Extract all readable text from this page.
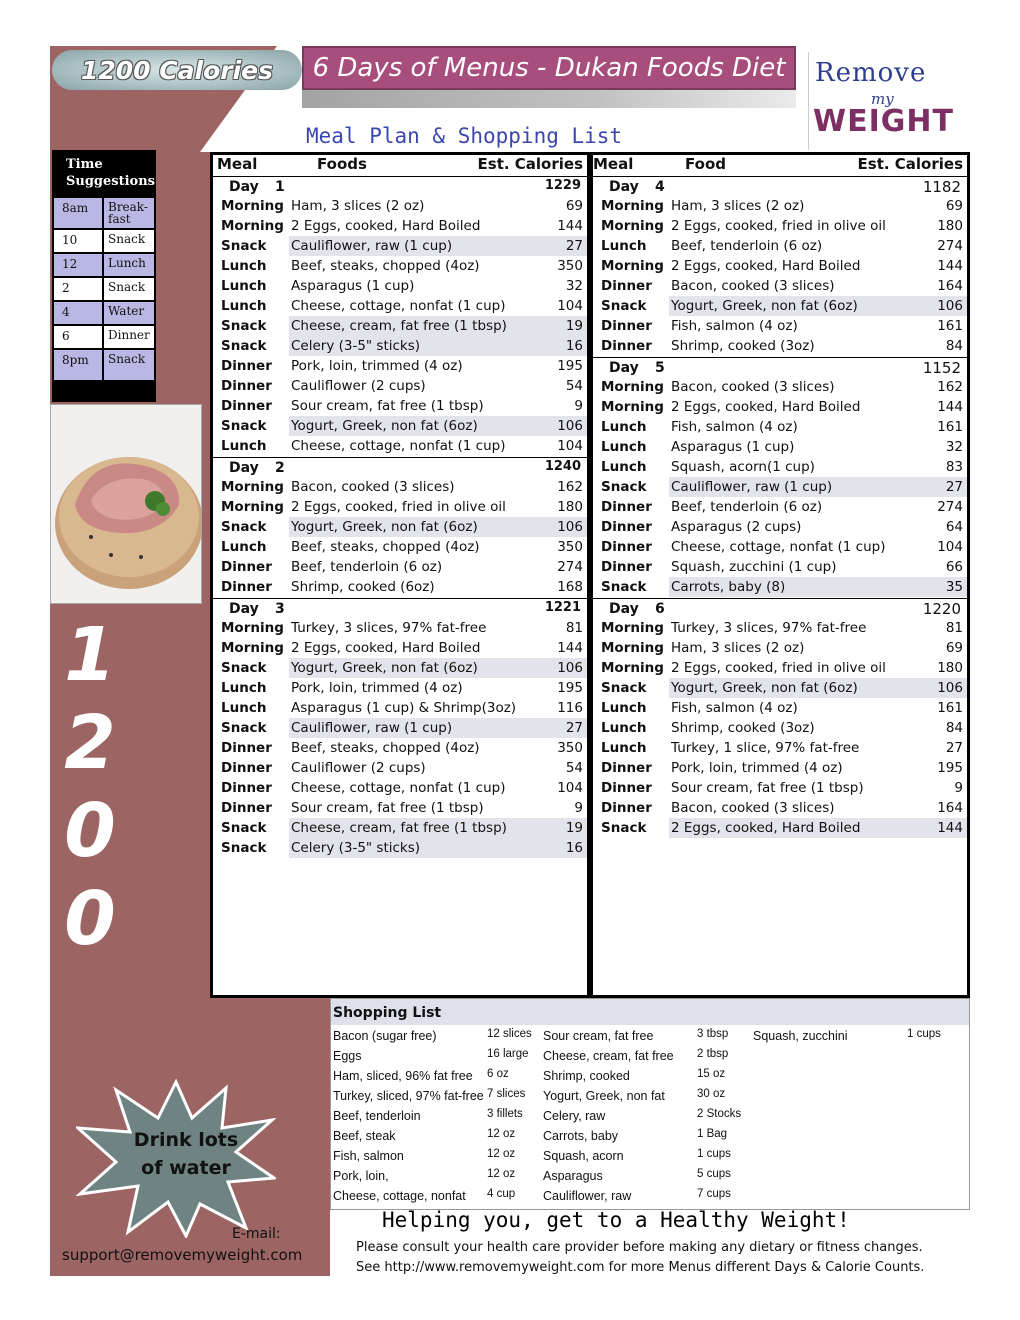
1200 Calories 6 Days of Menus - Dukan Foods Diet Remove
my
WEIGHT
Meal Plan & Shopping List
Time
Suggestions
8am	Break-fast
10	Snack
12	Lunch
2	Snack
4	Water
6	Dinner
8pm	Snack
1
2
0
0
Meal	Foods	Est. Calories
Day 1	1229
Morning Ham, 3 slices (2 oz)	69
Morning 2 Eggs, cooked, Hard Boiled	144
Snack Cauliflower, raw (1 cup)	27
Lunch Beef, steaks, chopped (4oz)	350
Lunch Asparagus (1 cup)	32
Lunch Cheese, cottage, nonfat (1 cup)	104
Snack Cheese, cream, fat free (1 tbsp)	19
Snack Celery (3-5" sticks)	16
Dinner Pork, loin, trimmed (4 oz)	195
Dinner Cauliflower (2 cups)	54
Dinner Sour cream, fat free (1 tbsp)	9
Snack Yogurt, Greek, non fat (6oz)	106
Lunch Cheese, cottage, nonfat (1 cup)	104
Day 2	1240
Morning Bacon, cooked (3 slices)	162
Morning 2 Eggs, cooked, fried in olive oil	180
Snack Yogurt, Greek, non fat (6oz)	106
Lunch Beef, steaks, chopped (4oz)	350
Dinner Beef, tenderloin (6 oz)	274
Dinner Shrimp, cooked (6oz)	168
Day 3	1221
Morning Turkey, 3 slices, 97% fat-free	81
Morning 2 Eggs, cooked, Hard Boiled	144
Snack Yogurt, Greek, non fat (6oz)	106
Lunch Pork, loin, trimmed (4 oz)	195
Lunch Asparagus (1 cup) & Shrimp(3oz)	116
Snack Cauliflower, raw (1 cup)	27
Dinner Beef, steaks, chopped (4oz)	350
Dinner Cauliflower (2 cups)	54
Dinner Cheese, cottage, nonfat (1 cup)	104
Dinner Sour cream, fat free (1 tbsp)	9
Snack Cheese, cream, fat free (1 tbsp)	19
Snack Celery (3-5" sticks)	16
Meal	Food	Est. Calories
Day 4	1182
Morning Ham, 3 slices (2 oz)	69
Morning 2 Eggs, cooked, fried in olive oil	180
Lunch Beef, tenderloin (6 oz)	274
Morning 2 Eggs, cooked, Hard Boiled	144
Dinner Bacon, cooked (3 slices)	164
Snack Yogurt, Greek, non fat (6oz)	106
Dinner Fish, salmon (4 oz)	161
Dinner Shrimp, cooked (3oz)	84
Day 5	1152
Morning Bacon, cooked (3 slices)	162
Morning 2 Eggs, cooked, Hard Boiled	144
Lunch Fish, salmon (4 oz)	161
Lunch Asparagus (1 cup)	32
Lunch Squash, acorn(1 cup)	83
Snack Cauliflower, raw (1 cup)	27
Dinner Beef, tenderloin (6 oz)	274
Dinner Asparagus (2 cups)	64
Dinner Cheese, cottage, nonfat (1 cup)	104
Dinner Squash, zucchini (1 cup)	66
Snack Carrots, baby (8)	35
Day 6	1220
Morning Turkey, 3 slices, 97% fat-free	81
Morning Ham, 3 slices (2 oz)	69
Morning 2 Eggs, cooked, fried in olive oil	180
Snack Yogurt, Greek, non fat (6oz)	106
Lunch Fish, salmon (4 oz)	161
Lunch Shrimp, cooked (3oz)	84
Lunch Turkey, 1 slice, 97% fat-free	27
Dinner Pork, loin, trimmed (4 oz)	195
Dinner Sour cream, fat free (1 tbsp)	9
Dinner Bacon, cooked (3 slices)	164
Snack 2 Eggs, cooked, Hard Boiled	144
Shopping List
Bacon (sugar free)	12 slices
Eggs	16 large
Ham, sliced, 96% fat free 6 oz
Turkey, sliced, 97% fat-free 7 slices
Beef, tenderloin	3 fillets
Beef, steak	12 oz
Fish, salmon	12 oz
Pork, loin,	12 oz
Cheese, cottage, nonfat 4 cup
Sour cream, fat free	3 tbsp
Cheese, cream, fat free 2 tbsp
Shrimp, cooked	15 oz
Yogurt, Greek, non fat	30 oz
Celery, raw	2 Stocks
Carrots, baby	1 Bag
Squash, acorn	1 cups
Asparagus	5 cups
Cauliflower, raw	7 cups
Squash, zucchini	1 cups
Drink lots
of water
E-mail:
support@removemyweight.com
Helping you, get to a Healthy Weight!
Please consult your health care provider before making any dietary or fitness changes.
See http://www.removemyweight.com for more Menus different Days & Calorie Counts.
